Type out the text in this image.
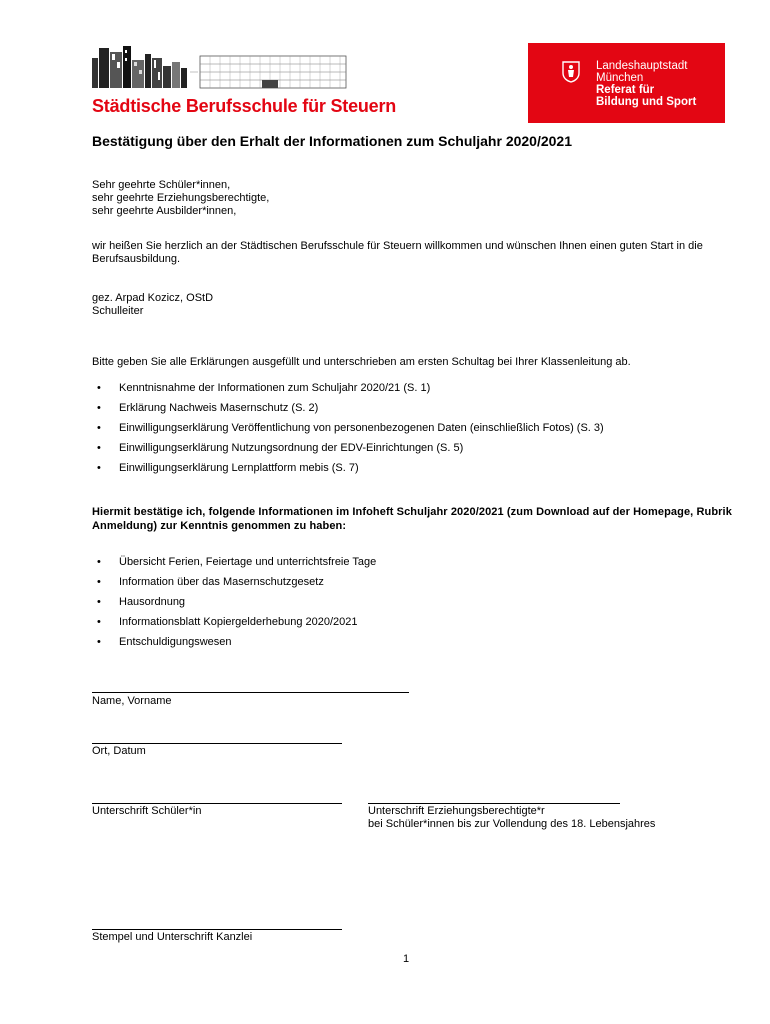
Städtische Berufsschule für Steuern
Landeshauptstadt
München
Referat für
Bildung und Sport
Bestätigung über den Erhalt der Informationen zum Schuljahr 2020/2021
Sehr geehrte Schüler*innen,
sehr geehrte Erziehungsberechtigte,
sehr geehrte Ausbilder*innen,
wir heißen Sie herzlich an der Städtischen Berufsschule für Steuern willkommen und wünschen Ihnen einen guten Start in die Berufsausbildung.
gez. Arpad Kozicz, OStD
Schulleiter
Bitte geben Sie alle Erklärungen ausgefüllt und unterschrieben am ersten Schultag bei Ihrer Klassenleitung ab.
• Kenntnisnahme der Informationen zum Schuljahr 2020/21 (S. 1)
• Erklärung Nachweis Masernschutz (S. 2)
• Einwilligungserklärung Veröffentlichung von personenbezogenen Daten (einschließlich Fotos) (S. 3)
• Einwilligungserklärung Nutzungsordnung der EDV-Einrichtungen (S. 5)
• Einwilligungserklärung Lernplattform mebis (S. 7)
Hiermit bestätige ich, folgende Informationen im Infoheft Schuljahr 2020/2021 (zum Download auf der Homepage, Rubrik Anmeldung) zur Kenntnis genommen zu haben:
• Übersicht Ferien, Feiertage und unterrichtsfreie Tage
• Information über das Masernschutzgesetz
• Hausordnung
• Informationsblatt Kopiergelderhebung 2020/2021
• Entschuldigungswesen
Name, Vorname
Ort, Datum
Unterschrift Schüler*in	Unterschrift Erziehungsberechtigte*r
bei Schüler*innen bis zur Vollendung des 18. Lebensjahres
Stempel und Unterschrift Kanzlei
1
